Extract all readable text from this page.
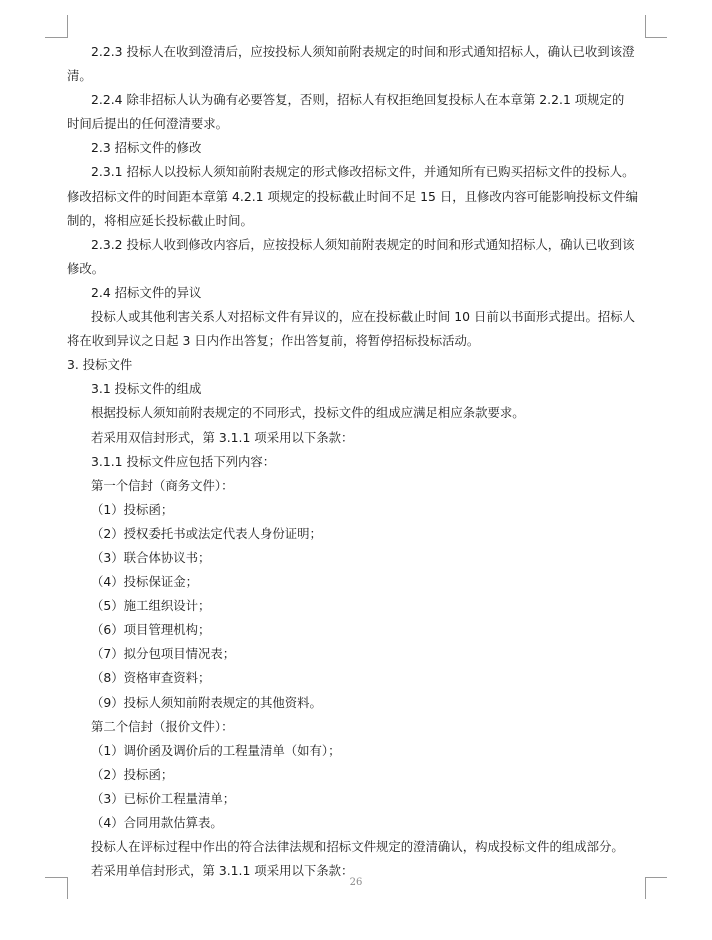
2.2.3 投标人在收到澄清后，应按投标人须知前附表规定的时间和形式通知招标人，确认已收到该澄
清。
2.2.4 除非招标人认为确有必要答复，否则，招标人有权拒绝回复投标人在本章第 2.2.1 项规定的
时间后提出的任何澄清要求。
2.3 招标文件的修改
2.3.1 招标人以投标人须知前附表规定的形式修改招标文件，并通知所有已购买招标文件的投标人。
修改招标文件的时间距本章第 4.2.1 项规定的投标截止时间不足 15 日，且修改内容可能影响投标文件编
制的，将相应延长投标截止时间。
2.3.2 投标人收到修改内容后，应按投标人须知前附表规定的时间和形式通知招标人，确认已收到该
修改。
2.4 招标文件的异议
投标人或其他利害关系人对招标文件有异议的，应在投标截止时间 10 日前以书面形式提出。招标人
将在收到异议之日起 3 日内作出答复；作出答复前，将暂停招标投标活动。
3. 投标文件
3.1 投标文件的组成
根据投标人须知前附表规定的不同形式，投标文件的组成应满足相应条款要求。
若采用双信封形式，第 3.1.1 项采用以下条款：
3.1.1 投标文件应包括下列内容：
第一个信封（商务文件）：
（1）投标函；
（2）授权委托书或法定代表人身份证明；
（3）联合体协议书；
（4）投标保证金；
（5）施工组织设计；
（6）项目管理机构；
（7）拟分包项目情况表；
（8）资格审查资料；
（9）投标人须知前附表规定的其他资料。
第二个信封（报价文件）：
（1）调价函及调价后的工程量清单（如有）；
（2）投标函；
（3）已标价工程量清单；
（4）合同用款估算表。
投标人在评标过程中作出的符合法律法规和招标文件规定的澄清确认，构成投标文件的组成部分。
若采用单信封形式，第 3.1.1 项采用以下条款：
26
